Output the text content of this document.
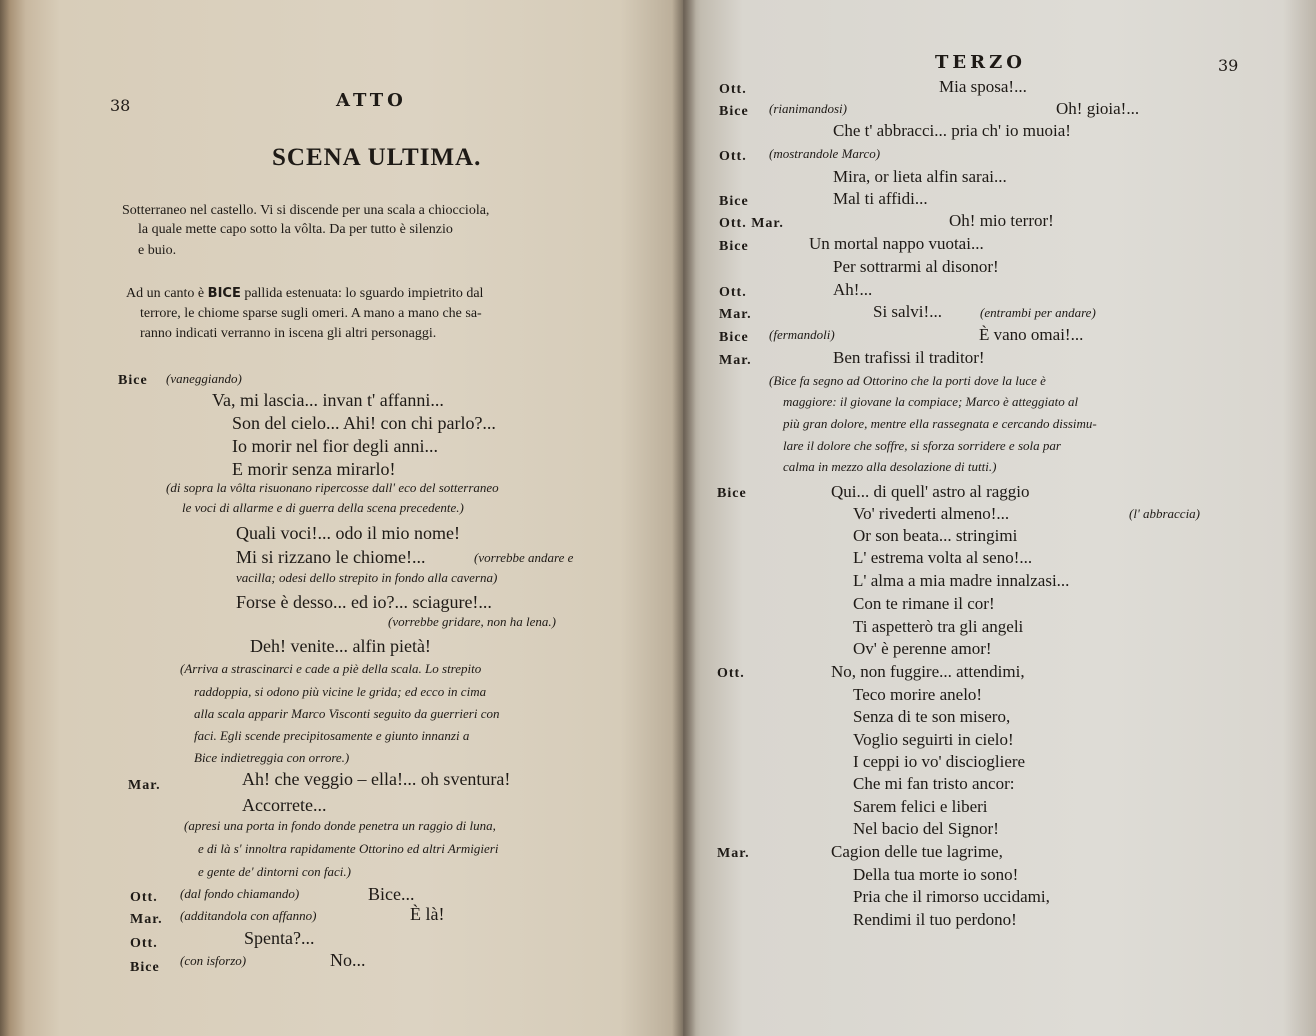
38	ATTO
SCENA ULTIMA.
Sotterraneo nel castello. Vi si discende per una scala a chiocciola,
la quale mette capo sotto la vôlta. Da per tutto è silenzio
e buio.
Ad un canto è BICE pallida estenuata: lo sguardo impietrito dal
terrore, le chiome sparse sugli omeri. A mano a mano che sa-
ranno indicati verranno in iscena gli altri personaggi.
Bice (vaneggiando)
Va, mi lascia... invan t' affanni...
Son del cielo... Ahi! con chi parlo?...
Io morir nel fior degli anni...
E morir senza mirarlo!
(di sopra la vôlta risuonano ripercosse dall' eco del sotterraneo
le voci di allarme e di guerra della scena precedente.)
Quali voci!... odo il mio nome!
Mi si rizzano le chiome!...	(vorrebbe andare e
vacilla; odesi dello strepito in fondo alla caverna)
Forse è desso... ed io?... sciagure!...
(vorrebbe gridare, non ha lena.)
Deh! venite... alfin pietà!
(Arriva a strascinarci e cade a piè della scala. Lo strepito
raddoppia, si odono più vicine le grida; ed ecco in cima
alla scala apparir Marco Visconti seguito da guerrieri con
faci. Egli scende precipitosamente e giunto innanzi a
Bice indietreggia con orrore.)
Mar.	Ah! che veggio – ella!... oh sventura!
Accorrete...
(apresi una porta in fondo donde penetra un raggio di luna,
e di là s' innoltra rapidamente Ottorino ed altri Armigieri
e gente de' dintorni con faci.)
Ott. (dal fondo chiamando)	Bice...
Mar. (additandola con affanno)	È là!
Ott.	Spenta?...
Bice (con isforzo)	No...
TERZO	39
Ott.	Mia sposa!...
Bice (rianimandosi)	Oh! gioia!...
Che t' abbracci... pria ch' io muoia!
Ott. (mostrandole Marco)
Mira, or lieta alfin sarai...
Bice	Mal ti affidi...
Ott. Mar.	Oh! mio terror!
Bice	Un mortal nappo vuotai...
Per sottrarmi al disonor!
Ott.	Ah!...
Mar.	Si salvi!...	(entrambi per andare)
Bice (fermandoli)	È vano omai!...
Mar.	Ben trafissi il traditor!
(Bice fa segno ad Ottorino che la porti dove la luce è
maggiore: il giovane la compiace; Marco è atteggiato al
più gran dolore, mentre ella rassegnata e cercando dissimu-
lare il dolore che soffre, si sforza sorridere e sola par
calma in mezzo alla desolazione di tutti.)
Bice	Qui... di quell' astro al raggio
Vo' rivederti almeno!...	(l' abbraccia)
Or son beata... stringimi
L' estrema volta al seno!...
L' alma a mia madre innalzasi...
Con te rimane il cor!
Ti aspetterò tra gli angeli
Ov' è perenne amor!
Ott.	No, non fuggire... attendimi,
Teco morire anelo!
Senza di te son misero,
Voglio seguirti in cielo!
I ceppi io vo' disciogliere
Che mi fan tristo ancor:
Sarem felici e liberi
Nel bacio del Signor!
Mar.	Cagion delle tue lagrime,
Della tua morte io sono!
Pria che il rimorso uccidami,
Rendimi il tuo perdono!
